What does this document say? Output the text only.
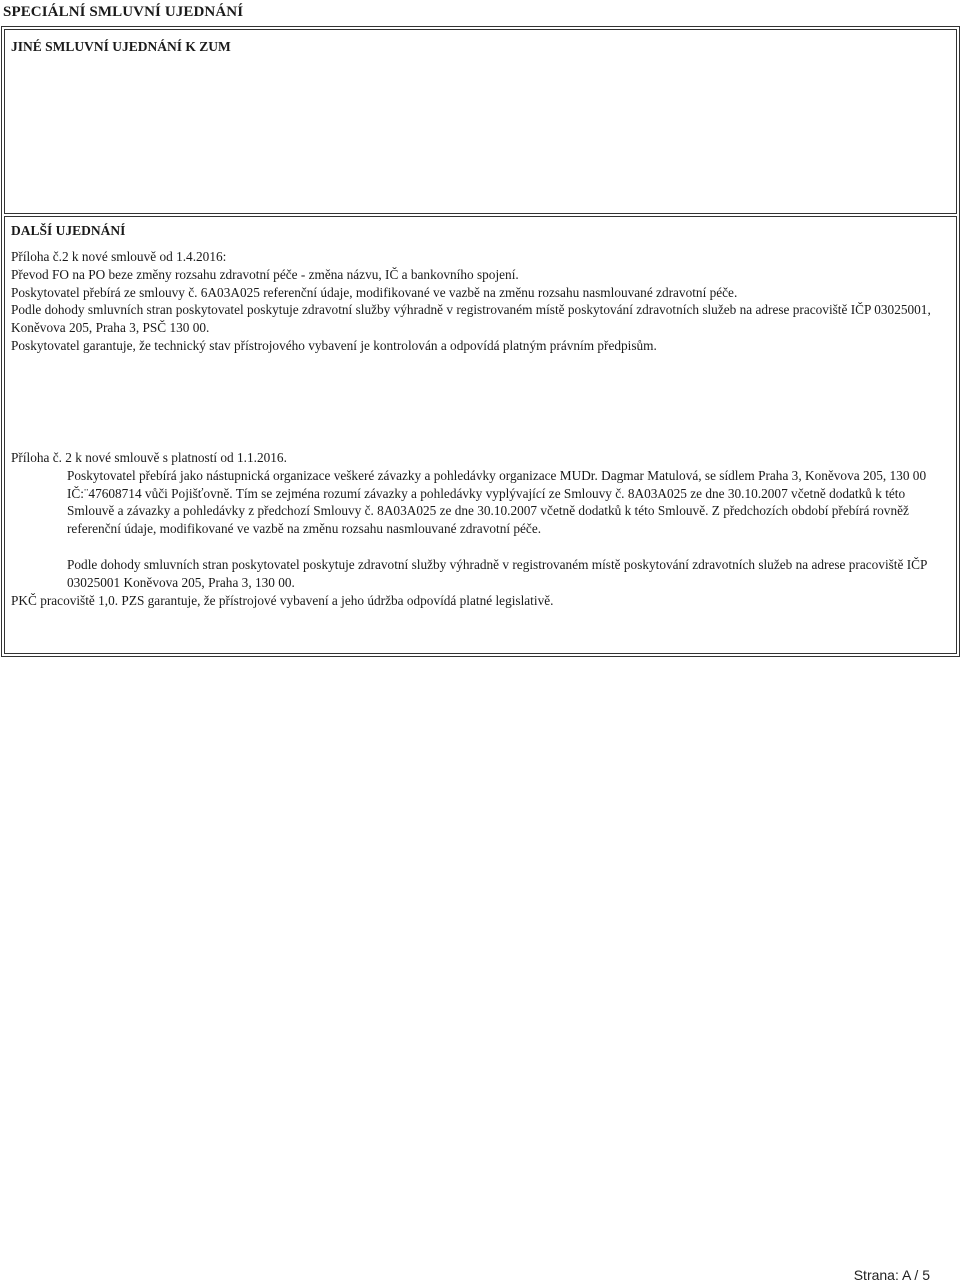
SPECIÁLNÍ SMLUVNÍ UJEDNÁNÍ
JINÉ SMLUVNÍ UJEDNÁNÍ K ZUM
DALŠÍ UJEDNÁNÍ

Příloha č.2 k nové smlouvě od 1.4.2016:

Převod FO na PO beze změny rozsahu zdravotní péče - změna názvu, IČ a bankovního spojení.

Poskytovatel přebírá ze smlouvy č. 6A03A025 referenční údaje, modifikované ve vazbě na změnu rozsahu nasmlouvané zdravotní péče.

Podle dohody smluvních stran poskytovatel poskytuje zdravotní služby výhradně v registrovaném místě poskytování zdravotních služeb na adrese pracoviště IČP 03025001, Koněvova 205, Praha 3, PSČ 130 00.

Poskytovatel garantuje, že technický stav přístrojového vybavení je kontrolován a odpovídá platným právním předpisům.

Příloha č. 2 k nové smlouvě s platností od 1.1.2016.

Poskytovatel přebírá jako nástupnická organizace veškeré závazky a pohledávky organizace MUDr. Dagmar Matulová, se sídlem Praha 3, Koněvova 205, 130 00 IČ:¨47608714 vůči Pojišťovně. Tím se zejména rozumí závazky a pohledávky vyplývající ze Smlouvy č. 8A03A025 ze dne 30.10.2007 včetně dodatků k této Smlouvě a závazky a pohledávky z předchozí Smlouvy č. 8A03A025 ze dne 30.10.2007 včetně dodatků k této Smlouvě. Z předchozích období přebírá rovněž referenční údaje, modifikované ve vazbě na změnu rozsahu nasmlouvané zdravotní péče.

Podle dohody smluvních stran poskytovatel poskytuje zdravotní služby výhradně v registrovaném místě poskytování zdravotních služeb na adrese pracoviště IČP 03025001 Koněvova 205, Praha 3, 130 00.

PKČ pracoviště 1,0. PZS garantuje, že přístrojové vybavení a jeho údržba odpovídá platné legislativě.

Strana: A / 5
